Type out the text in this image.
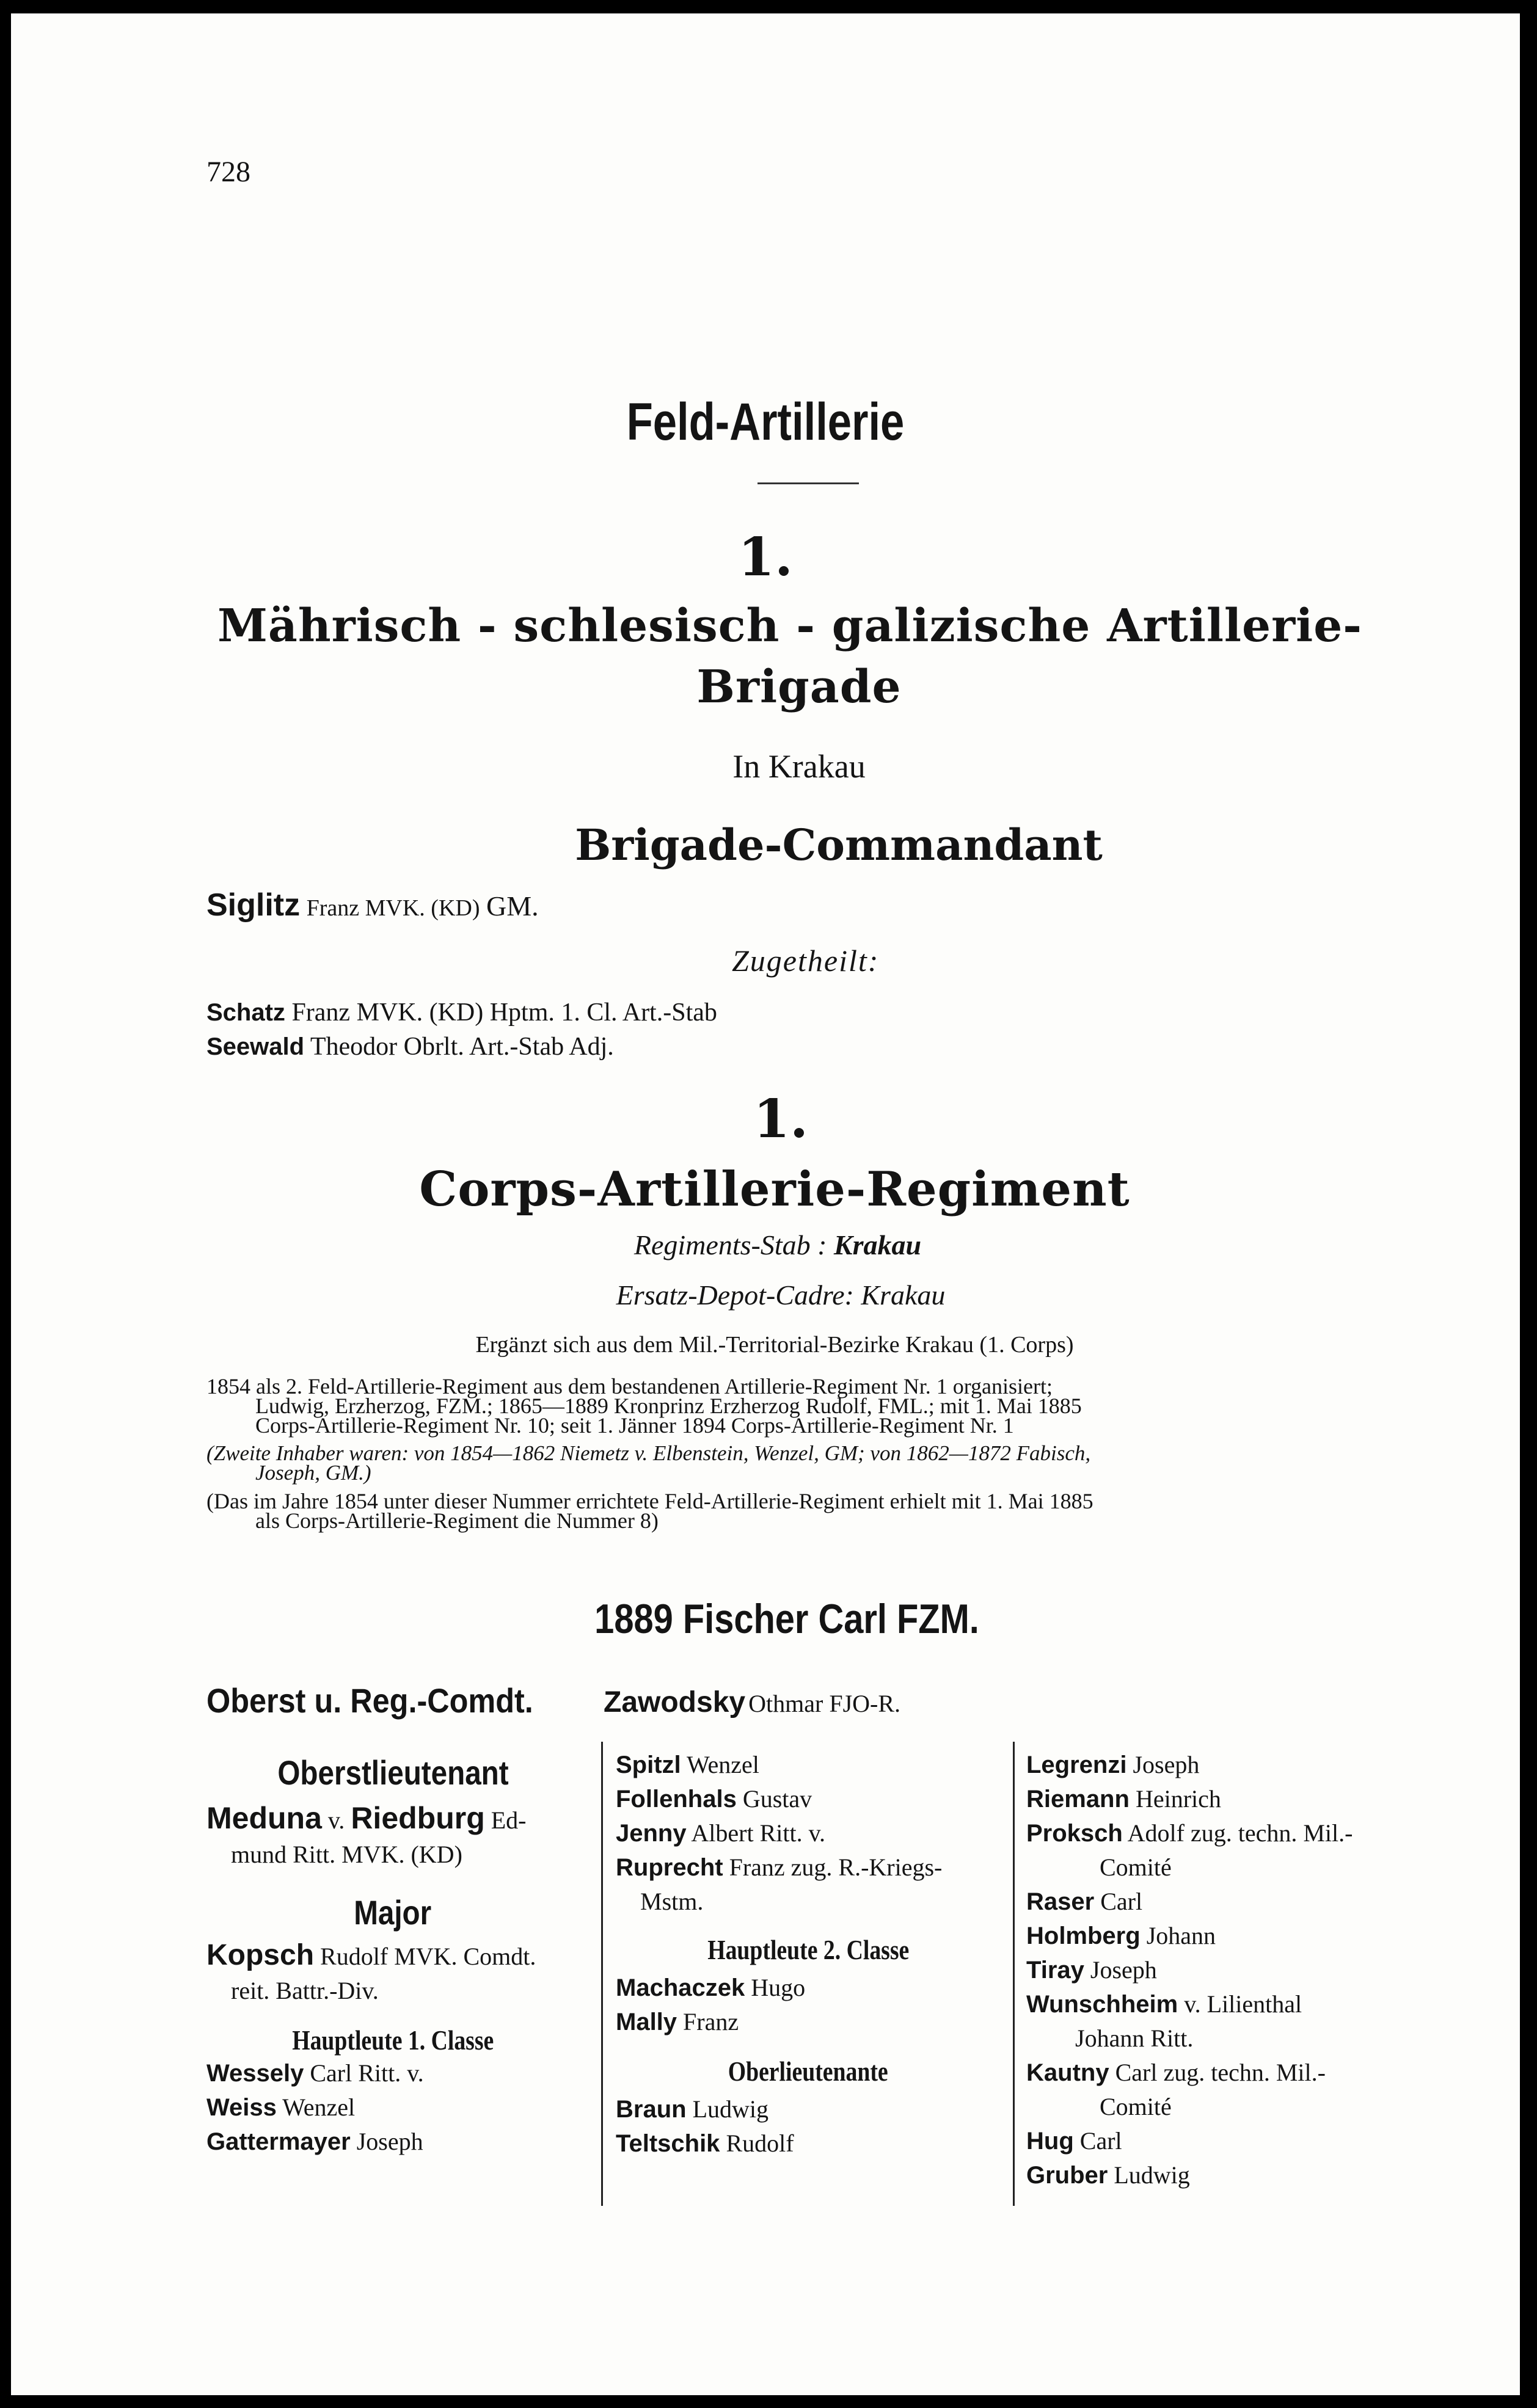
728
Feld-Artillerie
1.
Mährisch - schlesisch - galizische Artillerie-
Brigade
In Krakau
Brigade-Commandant
Siglitz Franz MVK. (KD) GM.
Zugetheilt:
Schatz Franz MVK. (KD) Hptm. 1. Cl. Art.-Stab
Seewald Theodor Obrlt. Art.-Stab Adj.
1.
Corps-Artillerie-Regiment
Regiments-Stab : Krakau
Ersatz-Depot-Cadre: Krakau
Ergänzt sich aus dem Mil.-Territorial-Bezirke Krakau (1. Corps)
1854 als 2. Feld-Artillerie-Regiment aus dem bestandenen Artillerie-Regiment Nr. 1 organisiert;
Ludwig, Erzherzog, FZM.; 1865—1889 Kronprinz Erzherzog Rudolf, FML.; mit 1. Mai 1885
Corps-Artillerie-Regiment Nr. 10; seit 1. Jänner 1894 Corps-Artillerie-Regiment Nr. 1
(Zweite Inhaber waren: von 1854—1862 Niemetz v. Elbenstein, Wenzel, GM; von 1862—1872 Fabisch,
Joseph, GM.)
(Das im Jahre 1854 unter dieser Nummer errichtete Feld-Artillerie-Regiment erhielt mit 1. Mai 1885
als Corps-Artillerie-Regiment die Nummer 8)
1889 Fischer Carl FZM.
Oberst u. Reg.-Comdt.	Zawodsky Othmar FJO-R.
Oberstlieutenant
Meduna v. Riedburg Ed-
mund Ritt. MVK. (KD)
Major
Kopsch Rudolf MVK. Comdt.
reit. Battr.-Div.
Hauptleute 1. Classe
Wessely Carl Ritt. v.
Weiss Wenzel
Gattermayer Joseph
Spitzl Wenzel
Follenhals Gustav
Jenny Albert Ritt. v.
Ruprecht Franz zug. R.-Kriegs-
Mstm.
Hauptleute 2. Classe
Machaczek Hugo
Mally Franz
Oberlieutenante
Braun Ludwig
Teltschik Rudolf
Legrenzi Joseph
Riemann Heinrich
Proksch Adolf zug. techn. Mil.-
Comité
Raser Carl
Holmberg Johann
Tiray Joseph
Wunschheim v. Lilienthal
Johann Ritt.
Kautny Carl zug. techn. Mil.-
Comité
Hug Carl
Gruber Ludwig
